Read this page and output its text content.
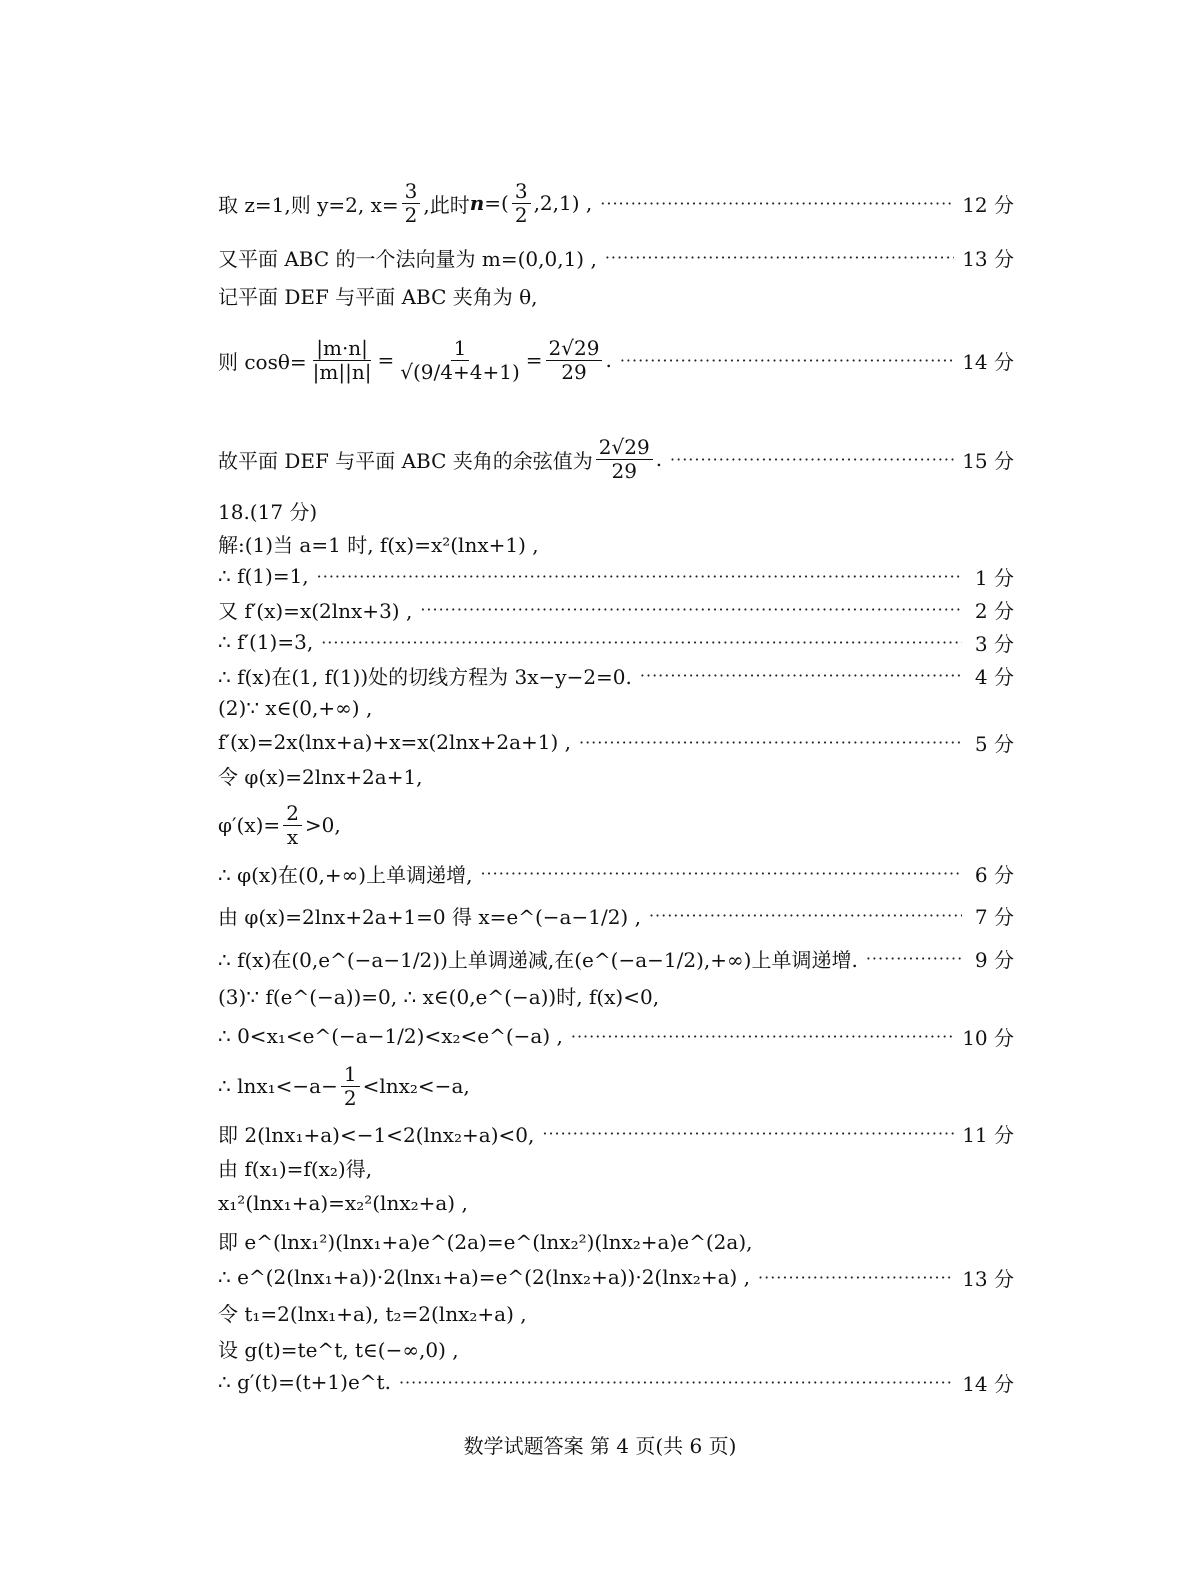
取
z=1,则 y=2, $x= \frac{3}{2}$ ,此时 n =( $\frac{3}{2} ,2,1$) , ·····	12 分
又平面 ABC 的一个法向量为 m=(0,0,1) , ·····	13 分
记平面 DEF 与平面 ABC 夹角为 θ,
则 $\cos\theta= \frac{|m\cdot n|}{|m||n|} = \frac{1}{√(9/4+4+1)} = \frac{2√29}{29}$ . ·····	14 分
故平面 DEF 与平面 ABC 夹角的余弦值为 $\frac{2√29}{29}$ . ·····	15 分
18.(17 分)
解:(1)当 a=1 时, f(x)=x²(lnx+1) ,
∴ f(1)=1, ·····	1 分
又 f′(x)=x(2lnx+3) , ·····	2 分
∴ f′(1)=3, ·····	3 分
∴ f(x)在(1, f(1))处的切线方程为 3x−y−2=0. ·····	4 分
(2)∵ x∈(0,+∞) ,
f′(x)=2x(lnx+a)+x=x(2lnx+2a+1) , ·····	5 分
令 φ(x)=2lnx+2a+1,
$\varphi'(x)= \frac{2}{x} >0$,
∴ φ(x)在(0,+∞)上单调递增, ·····	6 分
由 φ(x)=2lnx+2a+1=0 得 x=e^(−a−1/2) , ·····	7 分
∴ f(x)在(0,e^(−a−1/2))上单调递减,在(e^(−a−1/2),+∞)上单调递增. ·····	9 分
(3)∵ f(e^(−a))=0, ∴ x∈(0,e^(−a))时, f(x)<0,
∴ 0<x₁<e^(−a−1/2)<x₂<e^(−a) , ·····	10 分
∴ $\ln x_1<-a- \frac{1}{2} <\ln x_2<-a$,
即 2(lnx₁+a)<−1<2(lnx₂+a)<0, ·····	11 分
由 f(x₁)=f(x₂)得,
x₁²(lnx₁+a)=x₂²(lnx₂+a) ,
即 e^(lnx₁²)(lnx₁+a)e^(2a)=e^(lnx₂²)(lnx₂+a)e^(2a),
∴ e^(2(lnx₁+a))·2(lnx₁+a)=e^(2(lnx₂+a))·2(lnx₂+a) , ·····	13 分
令 t₁=2(lnx₁+a), t₂=2(lnx₂+a) ,
设 g(t)=te^t, t∈(−∞,0) ,
∴ g′(t)=(t+1)e^t. ·····	14 分
数学试题答案 第 4 页(共 6 页)
